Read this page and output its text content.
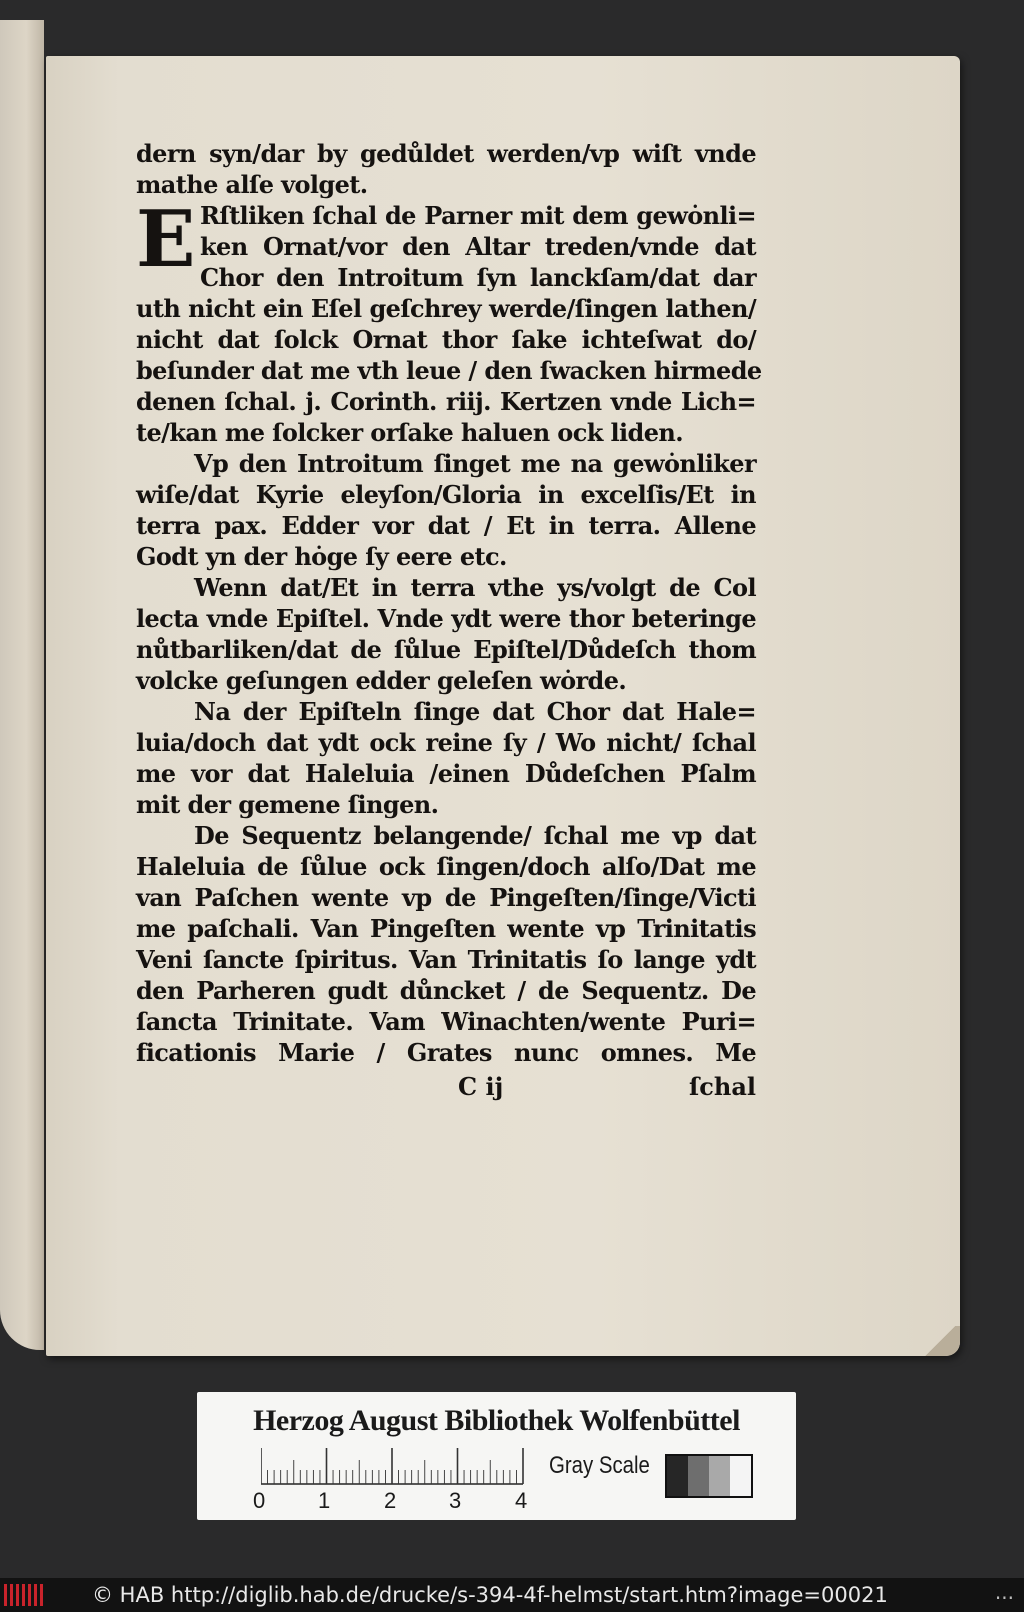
E
dern syn/dar by gedůldet werden/vp wiſt vnde
mathe alſe volget.
Rſtliken ſchal de Parner mit dem gewȯnli=
ken Ornat/vor den Altar treden/vnde dat
Chor den Introitum ſyn lanckſam/dat dar
uth nicht ein Eſel geſchrey werde/ſingen lathen/
nicht dat ſolck Ornat thor ſake ichteſwat do/
beſunder dat me vth leue / den ſwacken hirmede
denen ſchal. j. Corinth. riij. Kertzen vnde Lich=
te/kan me ſolcker orſake haluen ock liden.
Vp den Introitum ſinget me na gewȯnliker
wiſe/dat Kyrie eleyſon/Gloria in excelſis/Et in
terra pax. Edder vor dat / Et in terra. Allene
Godt yn der hȯge ſy eere etc.
Wenn dat/Et in terra vthe ys/volgt de Col
lecta vnde Epiſtel. Vnde ydt were thor beteringe
nůtbarliken/dat de ſůlue Epiſtel/Důdeſch thom
volcke geſungen edder geleſen wȯrde.
Na der Epiſteln ſinge dat Chor dat Hale=
luia/doch dat ydt ock reine ſy / Wo nicht/ ſchal
me vor dat Haleluia /einen Důdeſchen Pſalm
mit der gemene ſingen.
De Sequentz belangende/ ſchal me vp dat
Haleluia de ſůlue ock ſingen/doch alſo/Dat me
van Paſchen wente vp de Pingeſten/ſinge/Victi
me paſchali. Van Pingeſten wente vp Trinitatis
Veni ſancte ſpiritus. Van Trinitatis ſo lange ydt
den Parheren gudt důncket / de Sequentz. De
ſancta Trinitate. Vam Winachten/wente Puri=
ficationis Marie / Grates nunc omnes. Me
C ij	ſchal
Herzog August Bibliothek Wolfenbüttel
0 1 2 3 4
Gray Scale
© HAB http://diglib.hab.de/drucke/s-394-4f-helmst/start.htm?image=00021	...
